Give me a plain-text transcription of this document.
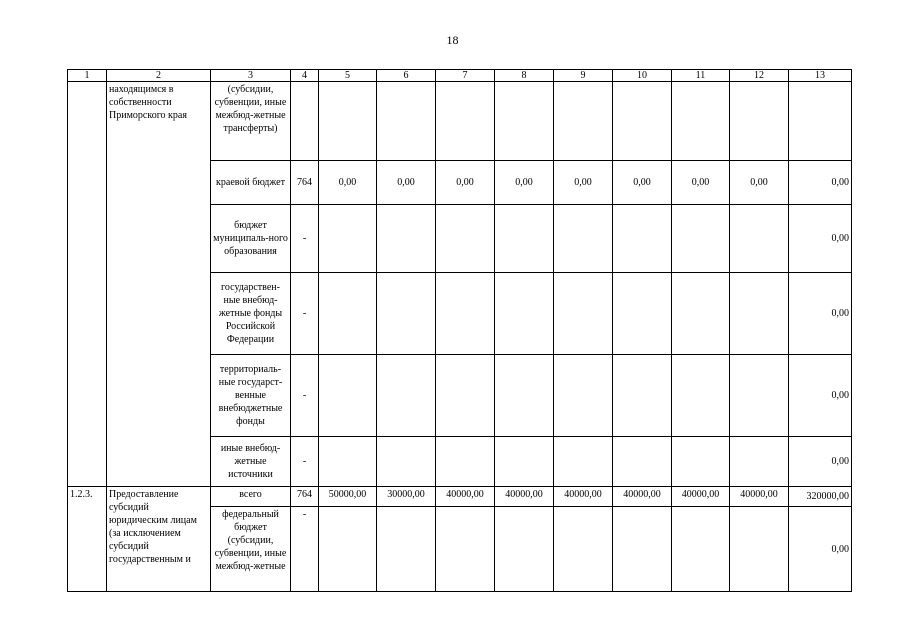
18
1	2	3	4	5	6	7	8	9	10	11	12	13
	находящимся в собственности Приморского края	(субсидии, субвенции, иные межбюд-жетные трансферты)										
		краевой бюджет	764	0,00	0,00	0,00	0,00	0,00	0,00	0,00	0,00	0,00
		бюджет муниципаль-ного образования	-									0,00
		государствен-ные внебюд-жетные фонды Российской Федерации	-									0,00
		территориаль-ные государст-венные внебюджетные фонды	-									0,00
		иные внебюд-жетные источники	-									0,00
1.2.3.	Предоставление субсидий юридическим лицам (за исключением субсидий государственным и	всего	764	50000,00	30000,00	40000,00	40000,00	40000,00	40000,00	40000,00	40000,00	320000,00
		федеральный бюджет (субсидии, субвенции, иные межбюд-жетные	-									0,00
